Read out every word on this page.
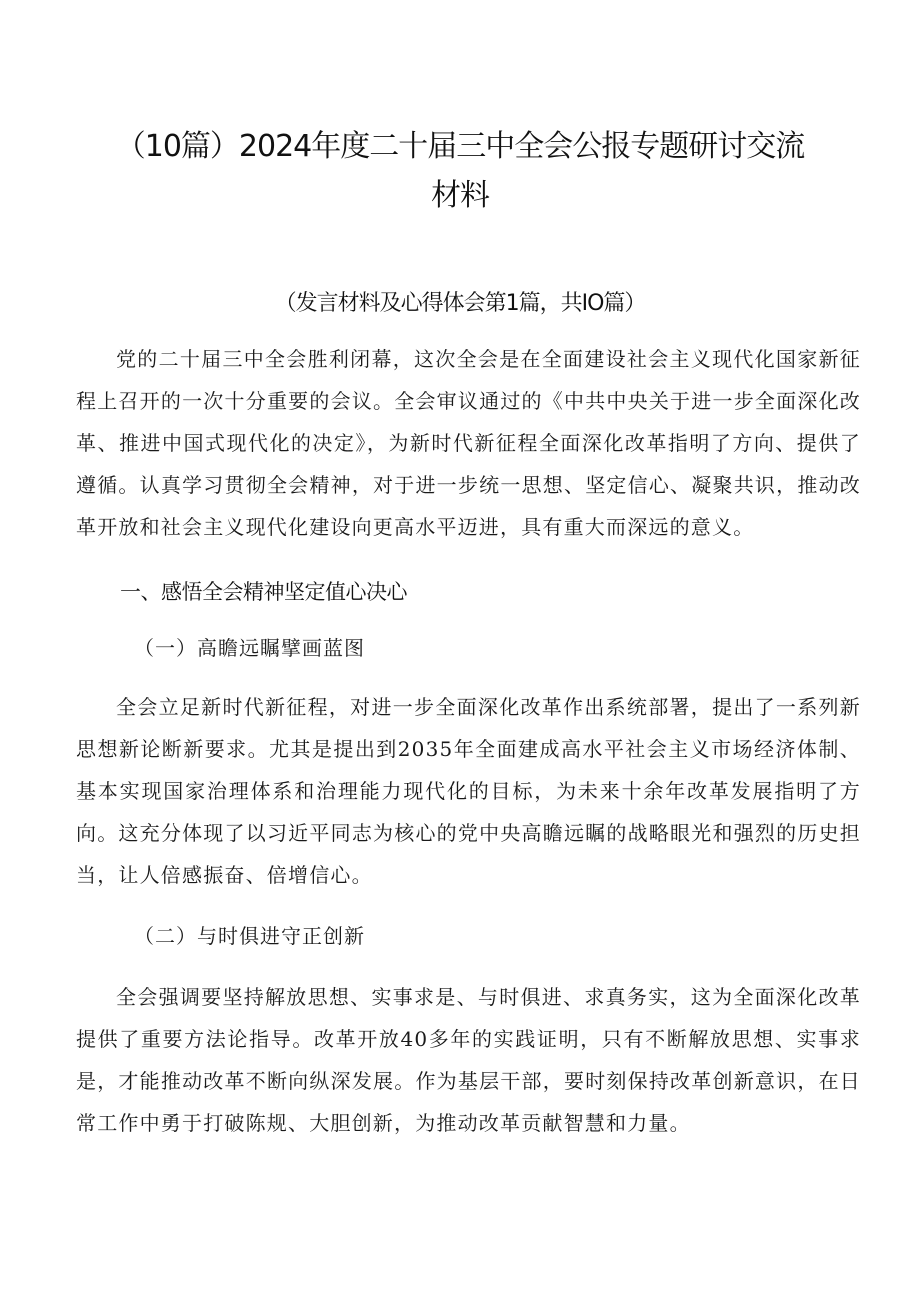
（10篇）2024年度二十届三中全会公报专题研讨交流
材料
（发言材料及心得体会第1篇，共IO篇）

党的二十届三中全会胜利闭幕，这次全会是在全面建设社会主义现代化国家新征程上召开的一次十分重要的会议。全会审议通过的《中共中央关于进一步全面深化改革、推进中国式现代化的决定》，为新时代新征程全面深化改革指明了方向、提供了遵循。认真学习贯彻全会精神，对于进一步统一思想、坚定信心、凝聚共识，推动改革开放和社会主义现代化建设向更高水平迈进，具有重大而深远的意义。

一、感悟全会精神坚定值心决心
（一）高瞻远瞩擘画蓝图

全会立足新时代新征程，对进一步全面深化改革作出系统部署，提出了一系列新思想新论断新要求。尤其是提出到2035年全面建成高水平社会主义市场经济体制、基本实现国家治理体系和治理能力现代化的目标，为未来十余年改革发展指明了方向。这充分体现了以习近平同志为核心的党中央高瞻远瞩的战略眼光和强烈的历史担当，让人倍感振奋、倍增信心。

（二）与时俱进守正创新

全会强调要坚持解放思想、实事求是、与时俱进、求真务实，这为全面深化改革提供了重要方法论指导。改革开放40多年的实践证明，只有不断解放思想、实事求是，才能推动改革不断向纵深发展。作为基层干部，要时刻保持改革创新意识，在日常工作中勇于打破陈规、大胆创新，为推动改革贡献智慧和力量。
